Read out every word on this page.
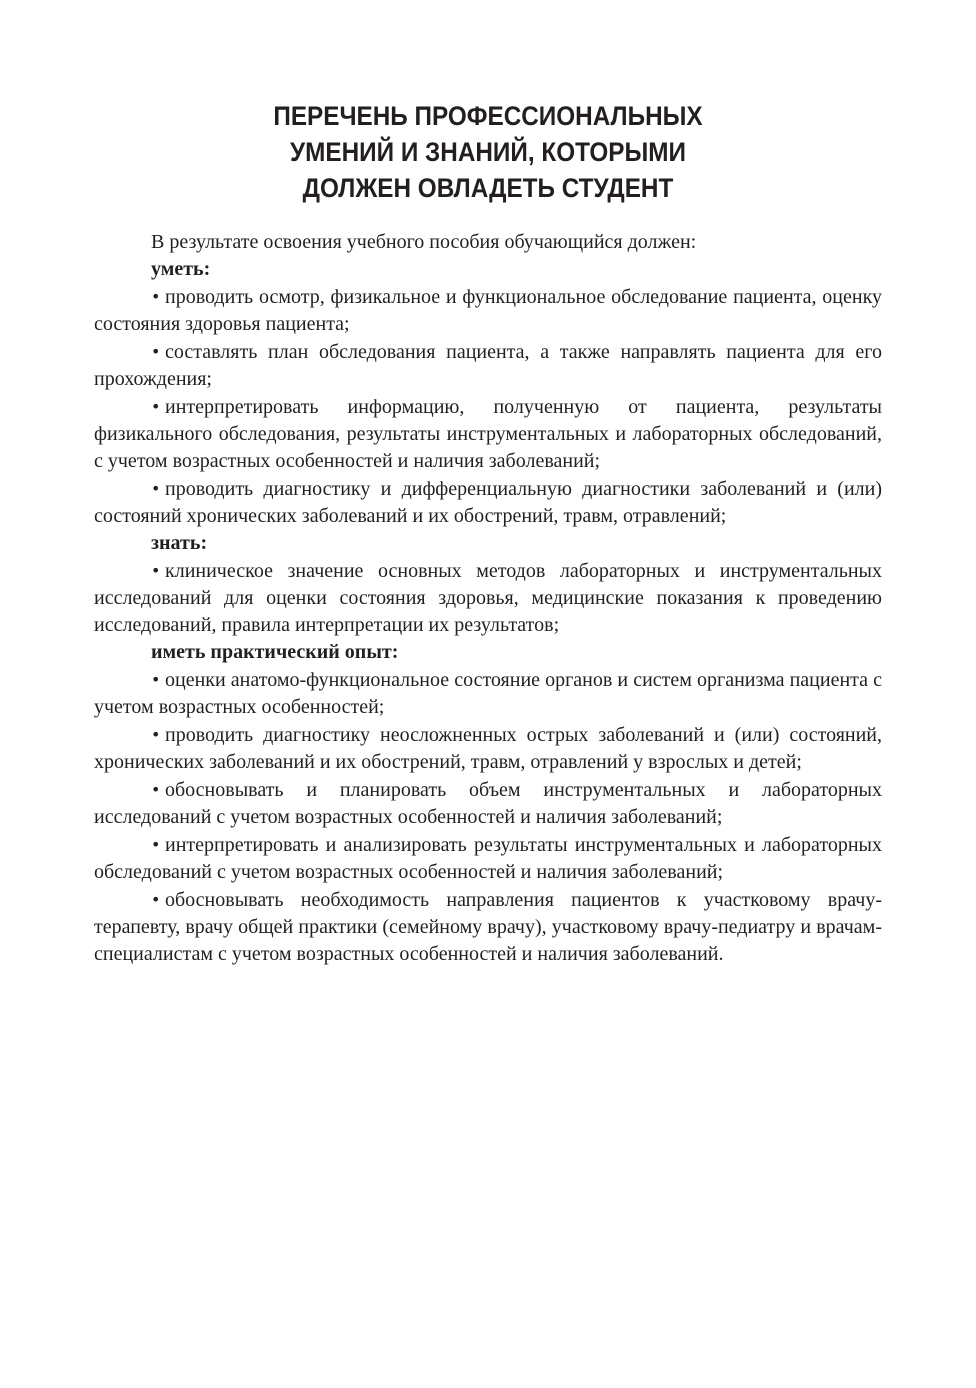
ПЕРЕЧЕНЬ ПРОФЕССИОНАЛЬНЫХ
УМЕНИЙ И ЗНАНИЙ, КОТОРЫМИ
ДОЛЖЕН ОВЛАДЕТЬ СТУДЕНТ

В результате освоения учебного пособия обучающийся должен:

уметь:

• проводить осмотр, физикальное и функциональное обследование пациента, оценку состояния здоровья пациента;

• составлять план обследования пациента, а также направлять пациента для его прохождения;

• интерпретировать информацию, полученную от пациента, результаты физикального обследования, результаты инструментальных и лабораторных обследований, с учетом возрастных особенностей и наличия заболеваний;

• проводить диагностику и дифференциальную диагностики заболеваний и (или) состояний хронических заболеваний и их обострений, травм, отравлений;

знать:

• клиническое значение основных методов лабораторных и инструментальных исследований для оценки состояния здоровья, медицинские показания к проведению исследований, правила интерпретации их результатов;

иметь практический опыт:

• оценки анатомо-функциональное состояние органов и систем организма пациента с учетом возрастных особенностей;

• проводить диагностику неосложненных острых заболеваний и (или) состояний, хронических заболеваний и их обострений, травм, отравлений у взрослых и детей;

• обосновывать и планировать объем инструментальных и лабораторных исследований с учетом возрастных особенностей и наличия заболеваний;

• интерпретировать и анализировать результаты инструментальных и лабораторных обследований с учетом возрастных особенностей и наличия заболеваний;

• обосновывать необходимость направления пациентов к участковому врачу-терапевту, врачу общей практики (семейному врачу), участковому врачу-педиатру и врачам-специалистам с учетом возрастных особенностей и наличия заболеваний.
